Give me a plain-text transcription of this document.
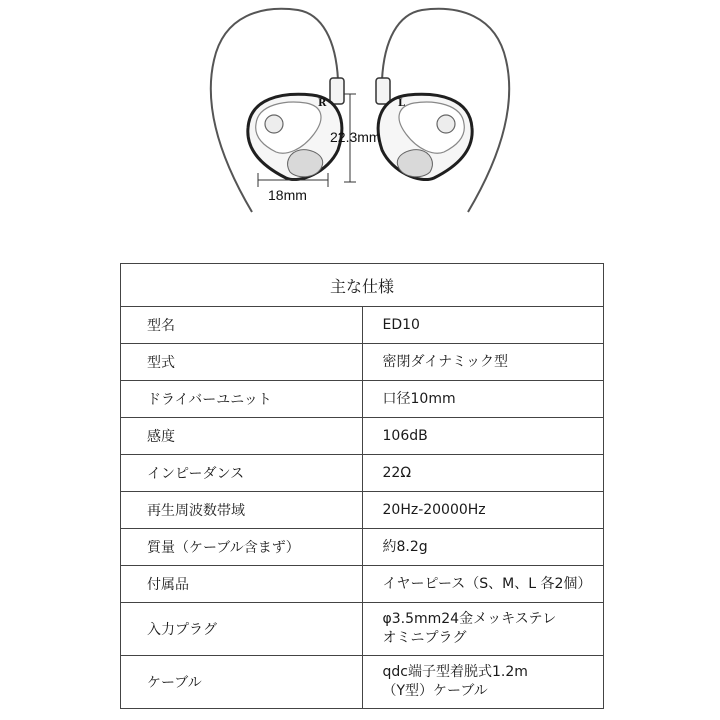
R	L
22.3mm
18mm
主な仕様	
型名	ED10

型式	密閉ダイナミック型

ドライバーユニット	口径10mm

感度	106dB

インピーダンス	22Ω

再生周波数帯域	20Hz-20000Hz

質量（ケーブル含まず）	約8.2g

付属品	イヤーピース（S、M、L 各2個）

入力プラグ	φ3.5mm24金メッキステレ
オミニプラグ

ケーブル	qdc端子型着脱式1.2m
（Y型）ケーブル
